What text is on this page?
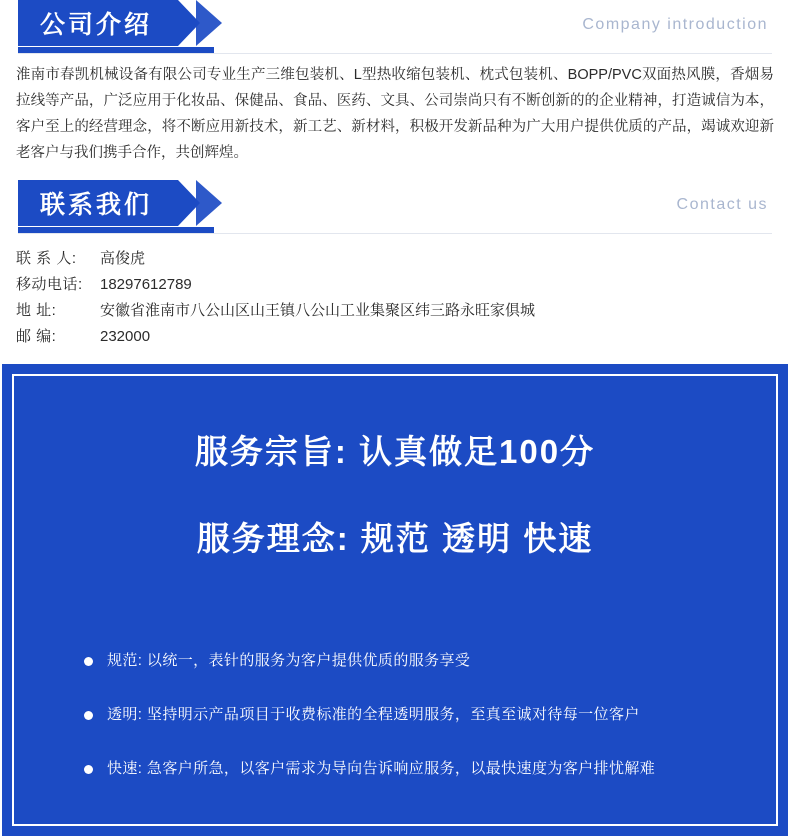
公司介绍	Company introduction
淮南市春凯机械设备有限公司专业生产三维包装机、L型热收缩包装机、枕式包装机、BOPP/PVC双面热风膜，香烟易拉线等产品，广泛应用于化妆品、保健品、食品、医药、文具、公司崇尚只有不断创新的的企业精神，打造诚信为本，客户至上的经营理念，将不断应用新技术，新工艺、新材料，积极开发新品种为广大用户提供优质的产品，竭诚欢迎新老客户与我们携手合作，共创辉煌。
联系我们	Contact us
联 系 人:	高俊虎
移动电话:	18297612789
地 址:	安徽省淮南市八公山区山王镇八公山工业集聚区纬三路永旺家俱城
邮 编:	232000
服务宗旨: 认真做足100分
服务理念: 规范 透明 快速
规范: 以统一，表针的服务为客户提供优质的服务享受
透明: 坚持明示产品项目于收费标准的全程透明服务，至真至诚对待每一位客户
快速: 急客户所急，以客户需求为导向告诉响应服务，以最快速度为客户排忧解难
